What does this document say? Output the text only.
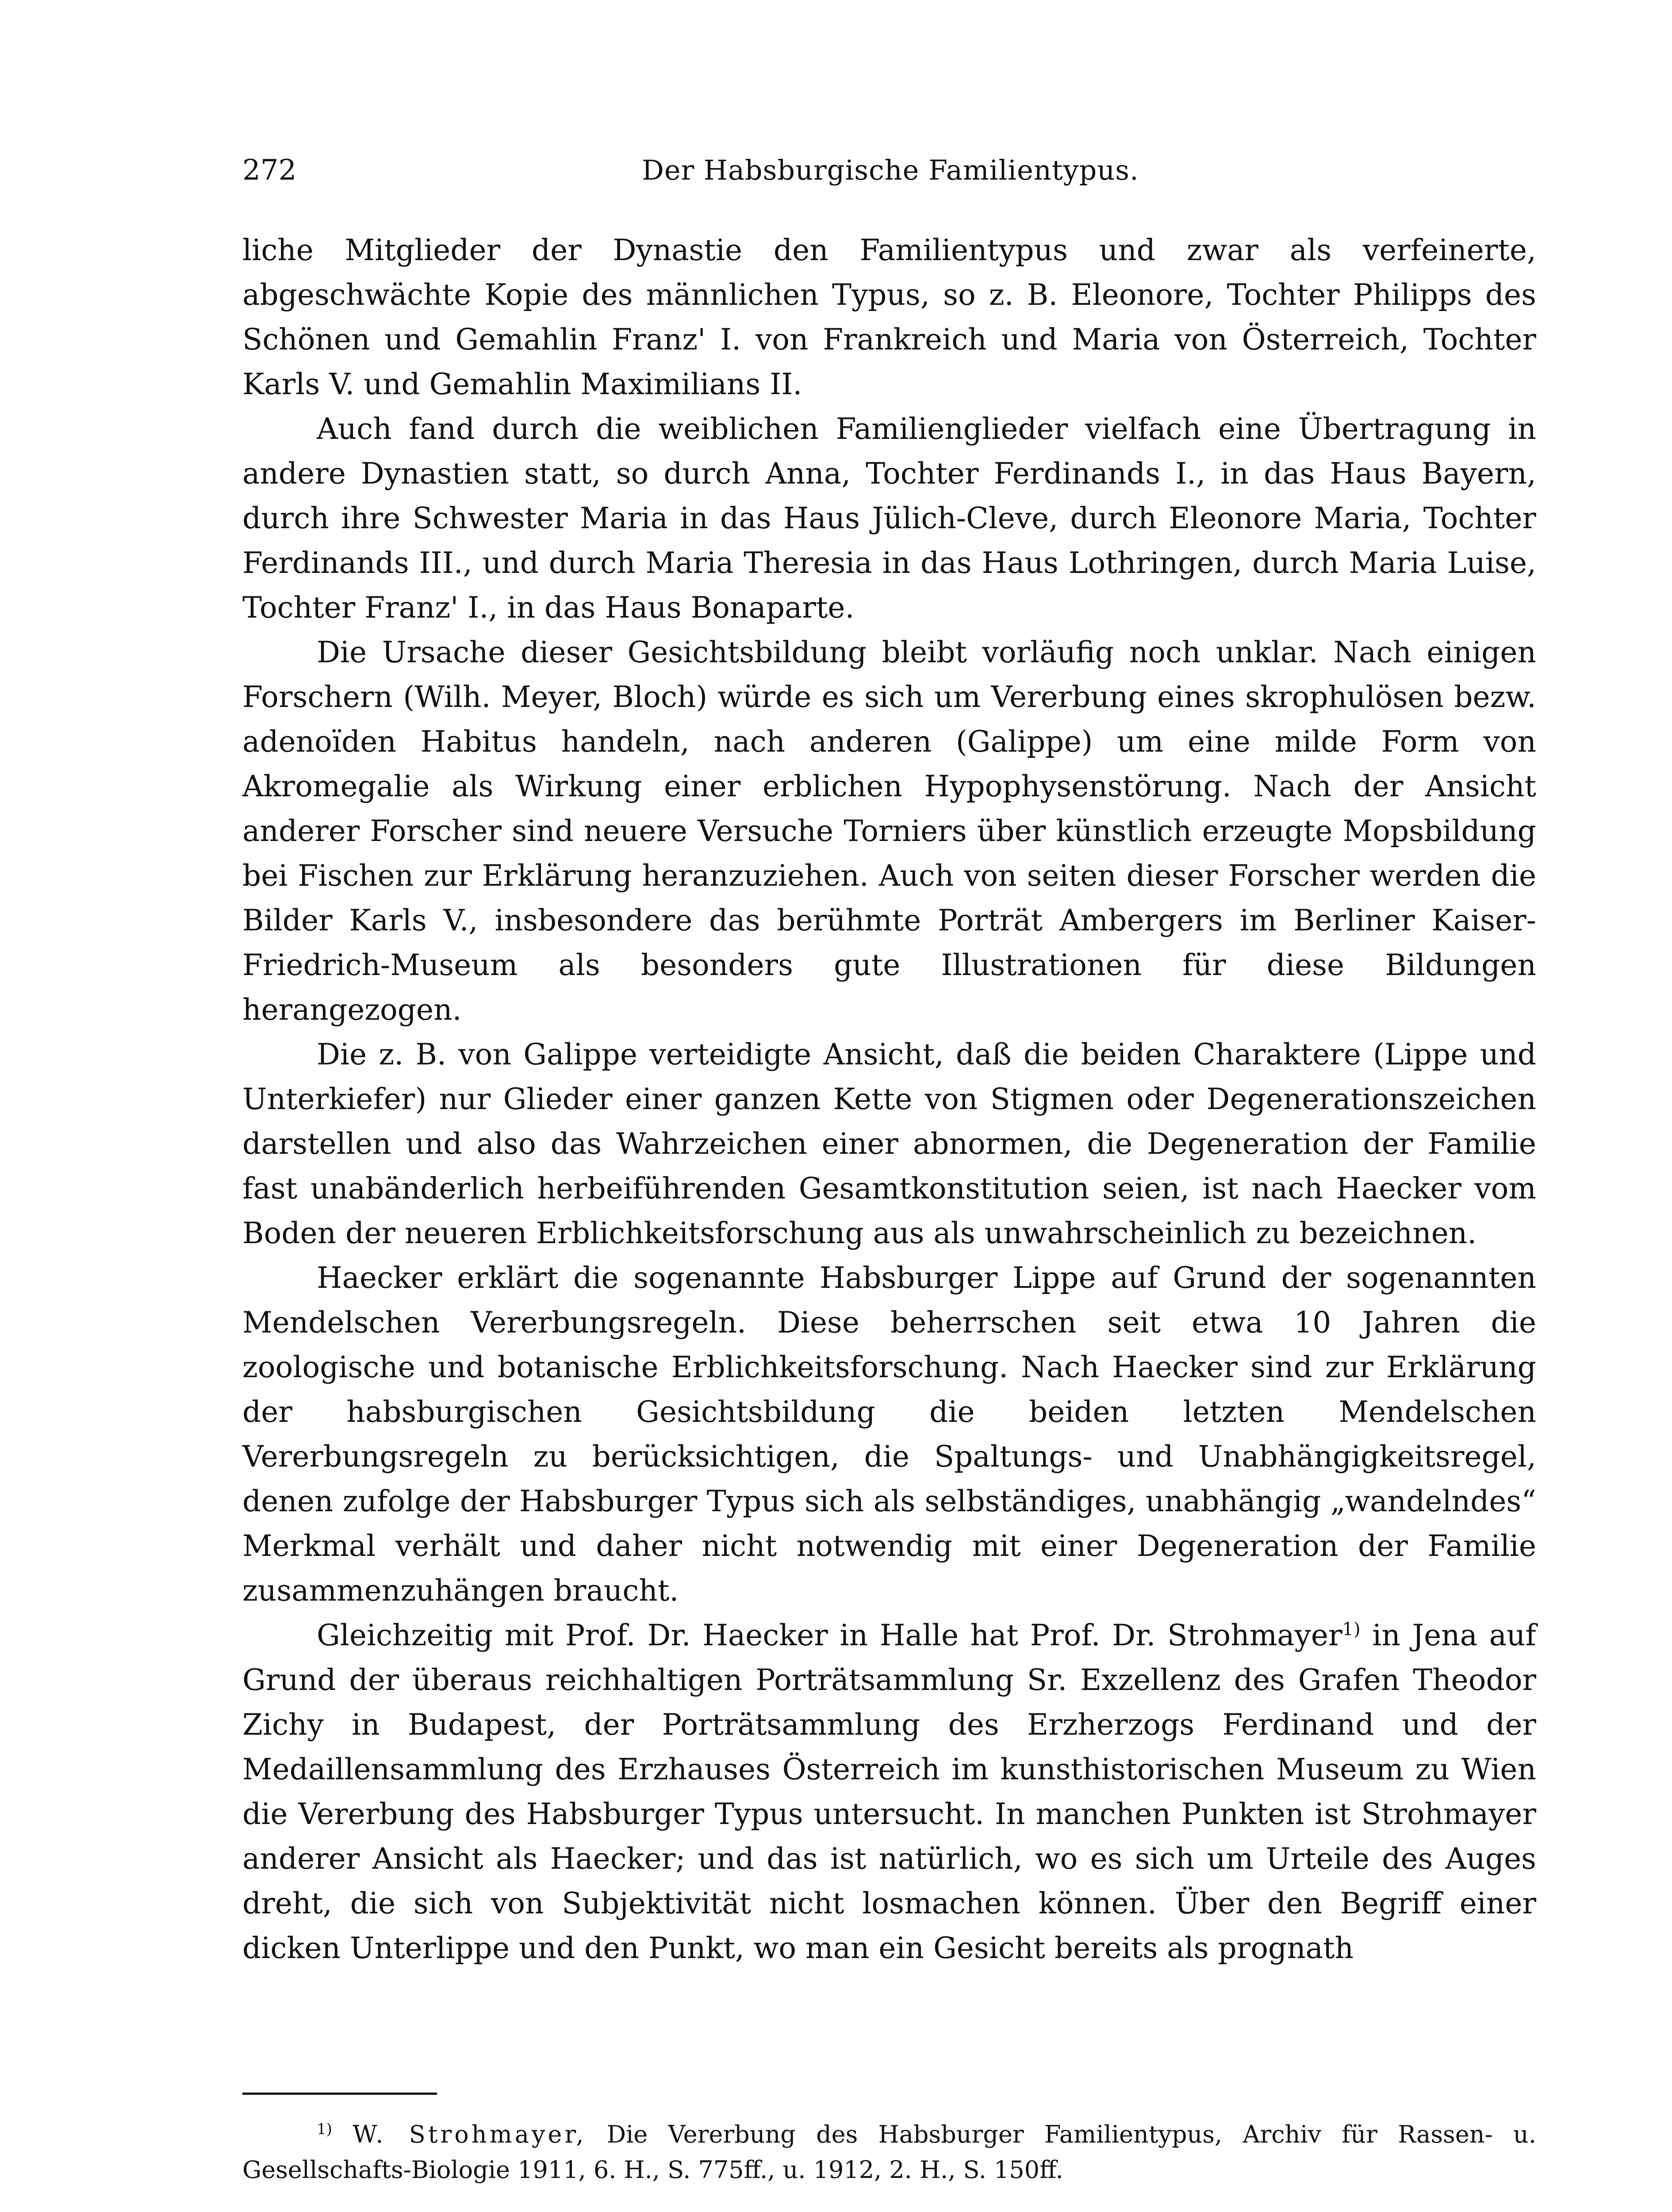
272	Der Habsburgische Familientypus.

liche Mitglieder der Dynastie den Familientypus und zwar als verfeinerte, abgeschwächte Kopie des männlichen Typus, so z. B. Eleonore, Tochter Philipps des Schönen und Gemahlin Franz' I. von Frankreich und Maria von Österreich, Tochter Karls V. und Gemahlin Maximilians II.

Auch fand durch die weiblichen Familienglieder vielfach eine Übertragung in andere Dynastien statt, so durch Anna, Tochter Ferdinands I., in das Haus Bayern, durch ihre Schwester Maria in das Haus Jülich-Cleve, durch Eleonore Maria, Tochter Ferdinands III., und durch Maria Theresia in das Haus Lothringen, durch Maria Luise, Tochter Franz' I., in das Haus Bonaparte.

Die Ursache dieser Gesichtsbildung bleibt vorläufig noch unklar. Nach einigen Forschern (Wilh. Meyer, Bloch) würde es sich um Vererbung eines skrophulösen bezw. adenoïden Habitus handeln, nach anderen (Galippe) um eine milde Form von Akromegalie als Wirkung einer erblichen Hypophysenstörung. Nach der Ansicht anderer Forscher sind neuere Versuche Torniers über künstlich erzeugte Mopsbildung bei Fischen zur Erklärung heranzuziehen. Auch von seiten dieser Forscher werden die Bilder Karls V., insbesondere das berühmte Porträt Ambergers im Berliner Kaiser-Friedrich-Museum als besonders gute Illustrationen für diese Bildungen herangezogen.

Die z. B. von Galippe verteidigte Ansicht, daß die beiden Charaktere (Lippe und Unterkiefer) nur Glieder einer ganzen Kette von Stigmen oder Degenerationszeichen darstellen und also das Wahrzeichen einer abnormen, die Degeneration der Familie fast unabänderlich herbeiführenden Gesamtkonstitution seien, ist nach Haecker vom Boden der neueren Erblichkeitsforschung aus als unwahrscheinlich zu bezeichnen.

Haecker erklärt die sogenannte Habsburger Lippe auf Grund der sogenannten Mendelschen Vererbungsregeln. Diese beherrschen seit etwa 10 Jahren die zoologische und botanische Erblichkeitsforschung. Nach Haecker sind zur Erklärung der habsburgischen Gesichtsbildung die beiden letzten Mendelschen Vererbungsregeln zu berücksichtigen, die Spaltungs- und Unabhängigkeitsregel, denen zufolge der Habsburger Typus sich als selbständiges, unabhängig „wandelndes“ Merkmal verhält und daher nicht notwendig mit einer Degeneration der Familie zusammenzuhängen braucht.

Gleichzeitig mit Prof. Dr. Haecker in Halle hat Prof. Dr. Strohmayer$^{1)}$ in Jena auf Grund der überaus reichhaltigen Porträtsammlung Sr. Exzellenz des Grafen Theodor Zichy in Budapest, der Porträtsammlung des Erzherzogs Ferdinand und der Medaillensammlung des Erzhauses Österreich im kunsthistorischen Museum zu Wien die Vererbung des Habsburger Typus untersucht. In manchen Punkten ist Strohmayer anderer Ansicht als Haecker; und das ist natürlich, wo es sich um Urteile des Auges dreht, die sich von Subjektivität nicht losmachen können. Über den Begriff einer dicken Unterlippe und den Punkt, wo man ein Gesicht bereits als prognath

$^{1)}$ W. Strohmayer, Die Vererbung des Habsburger Familientypus, Archiv für Rassen- u. Gesellschafts-Biologie 1911, 6. H., S. 775ff., u. 1912, 2. H., S. 150ff.
